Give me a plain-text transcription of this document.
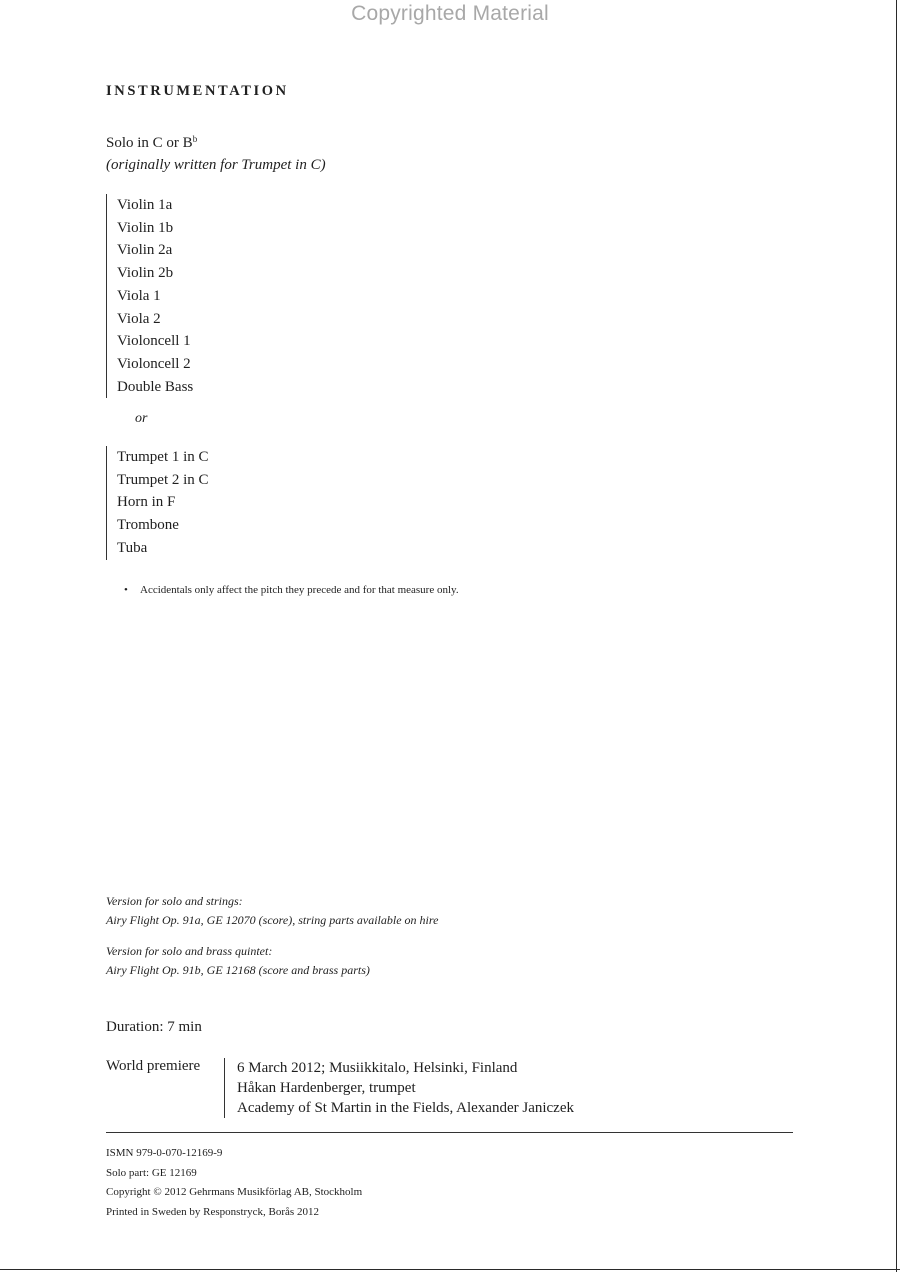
Copyrighted Material
INSTRUMENTATION
Solo in C or $B^b$
(originally written for Trumpet in C)
Violin 1a
Violin 1b
Violin 2a
Violin 2b
Viola 1
Viola 2
Violoncell 1
Violoncell 2
Double Bass
or
Trumpet 1 in C
Trumpet 2 in C
Horn in F
Trombone
Tuba
• Accidentals only affect the pitch they precede and for that measure only.
Version for solo and strings:
Airy Flight Op. 91a, GE 12070 (score), string parts available on hire
Version for solo and brass quintet:
Airy Flight Op. 91b, GE 12168 (score and brass parts)
Duration: 7 min
World premiere 6 March 2012; Musiikkitalo, Helsinki, Finland
Håkan Hardenberger, trumpet
Academy of St Martin in the Fields, Alexander Janiczek
ISMN 979-0-070-12169-9
Solo part: GE 12169
Copyright © 2012 Gehrmans Musikförlag AB, Stockholm
Printed in Sweden by Responstryck, Borås 2012
